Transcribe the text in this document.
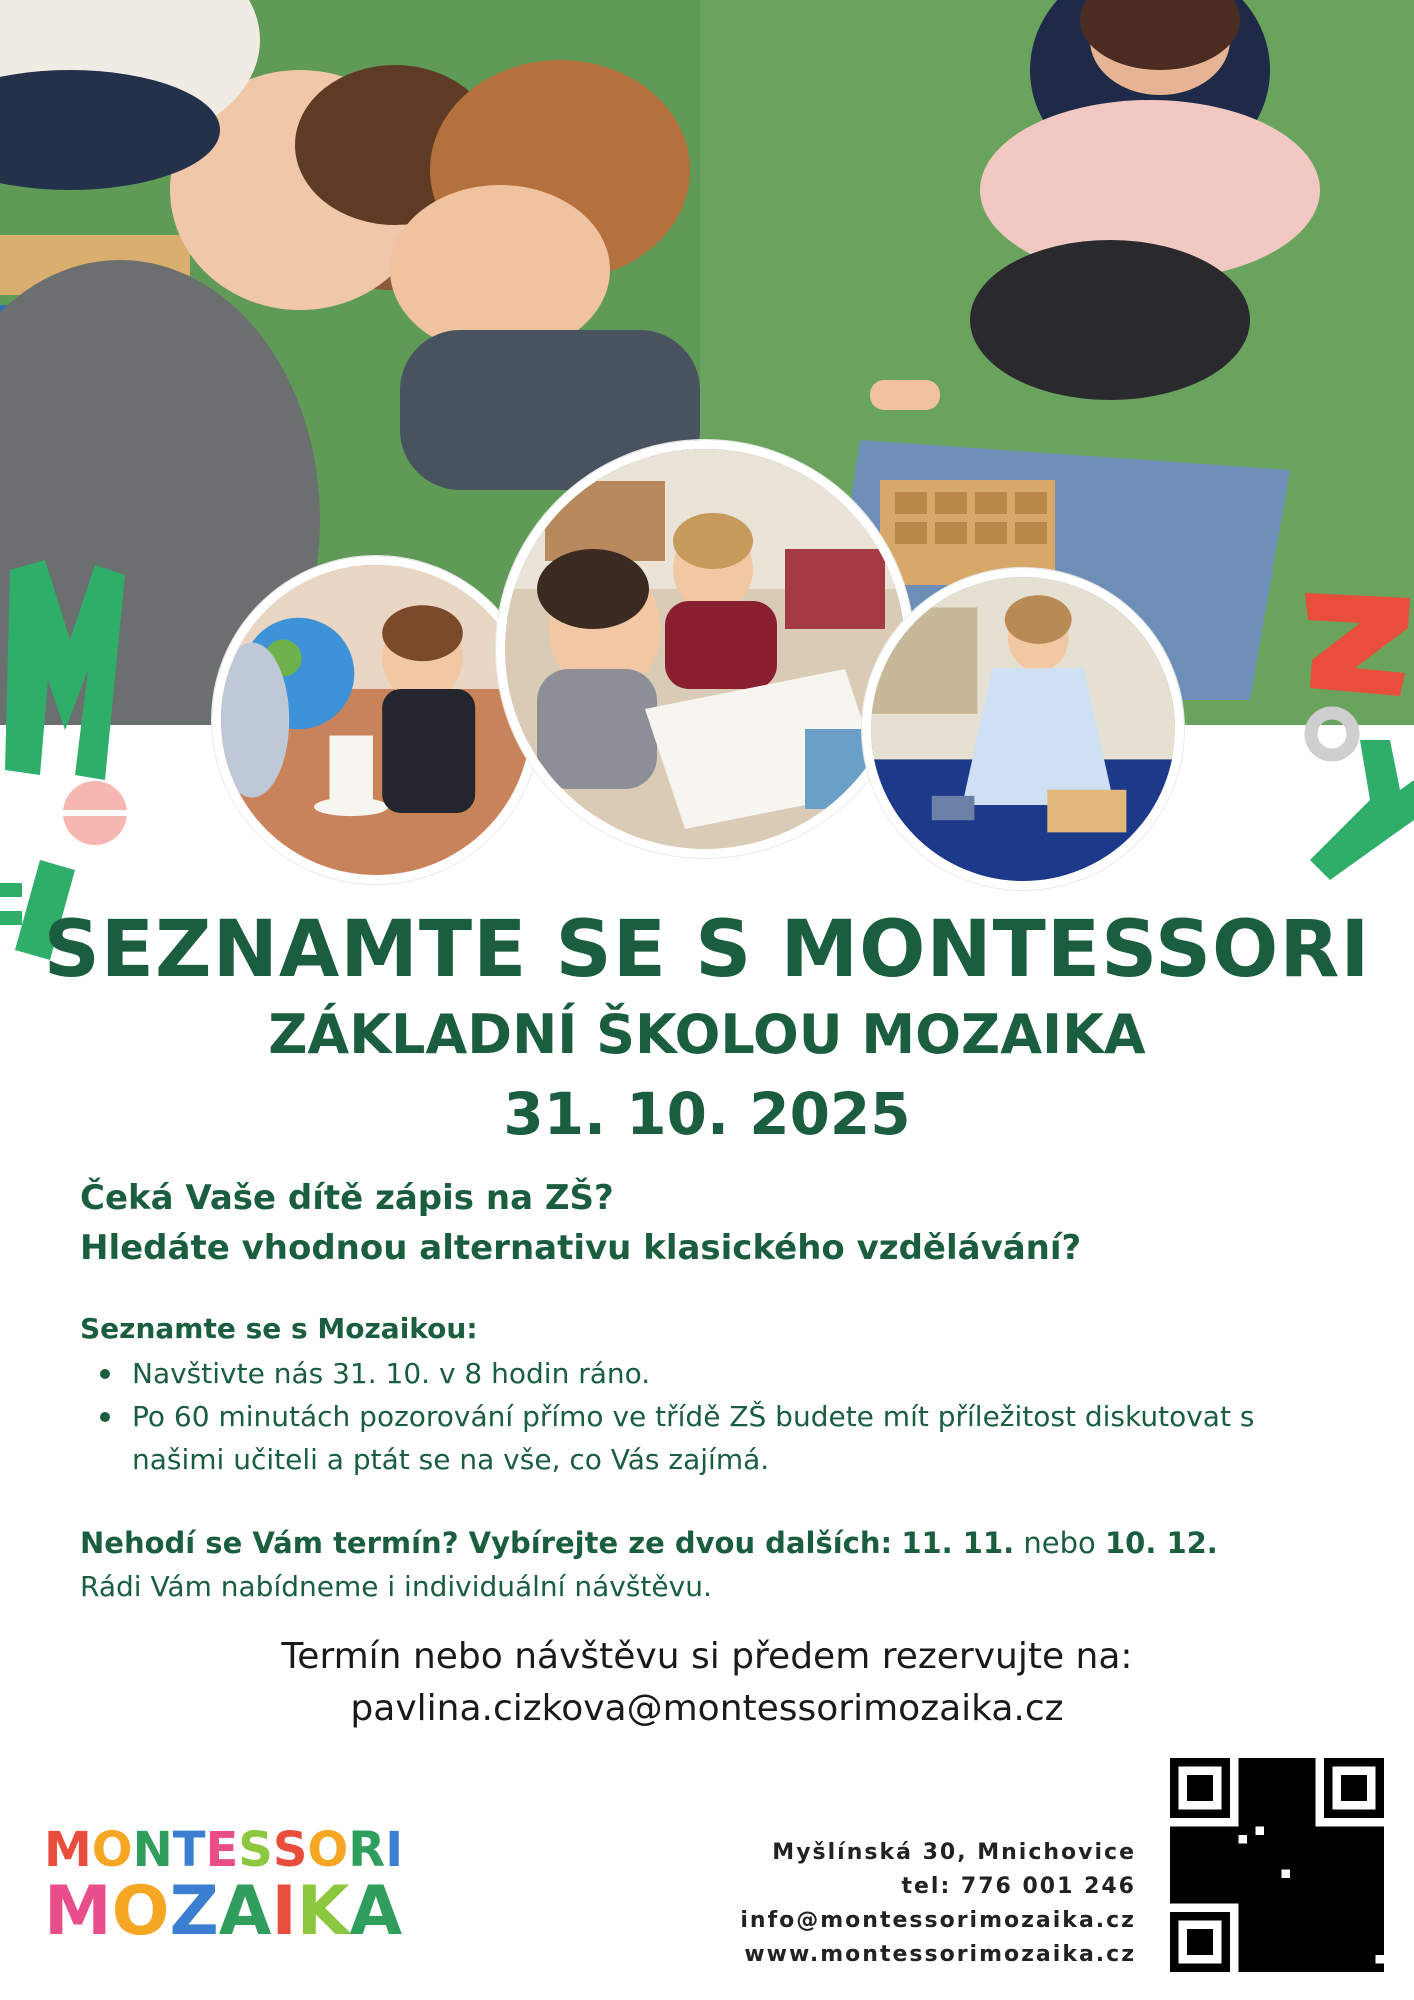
SEZNAMTE SE S MONTESSORI
ZÁKLADNÍ ŠKOLOU MOZAIKA
31. 10. 2025
Čeká Vaše dítě zápis na ZŠ?
Hledáte vhodnou alternativu klasického vzdělávání?
Seznamte se s Mozaikou:
Navštivte nás 31. 10. v 8 hodin ráno.
Po 60 minutách pozorování přímo ve třídě ZŠ budete mít příležitost diskutovat s našimi učiteli a ptát se na vše, co Vás zajímá.
Nehodí se Vám termín? Vybírejte ze dvou dalších: 11. 11. nebo 10. 12.
Rádi Vám nabídneme i individuální návštěvu.
Termín nebo návštěvu si předem rezervujte na:
pavlina.cizkova@montessorimozaika.cz
M O N T E S S O R I
M O Z A I K A
Myšlínská 30, Mnichovice
tel: 776 001 246
info@montessorimozaika.cz
www.montessorimozaika.cz
